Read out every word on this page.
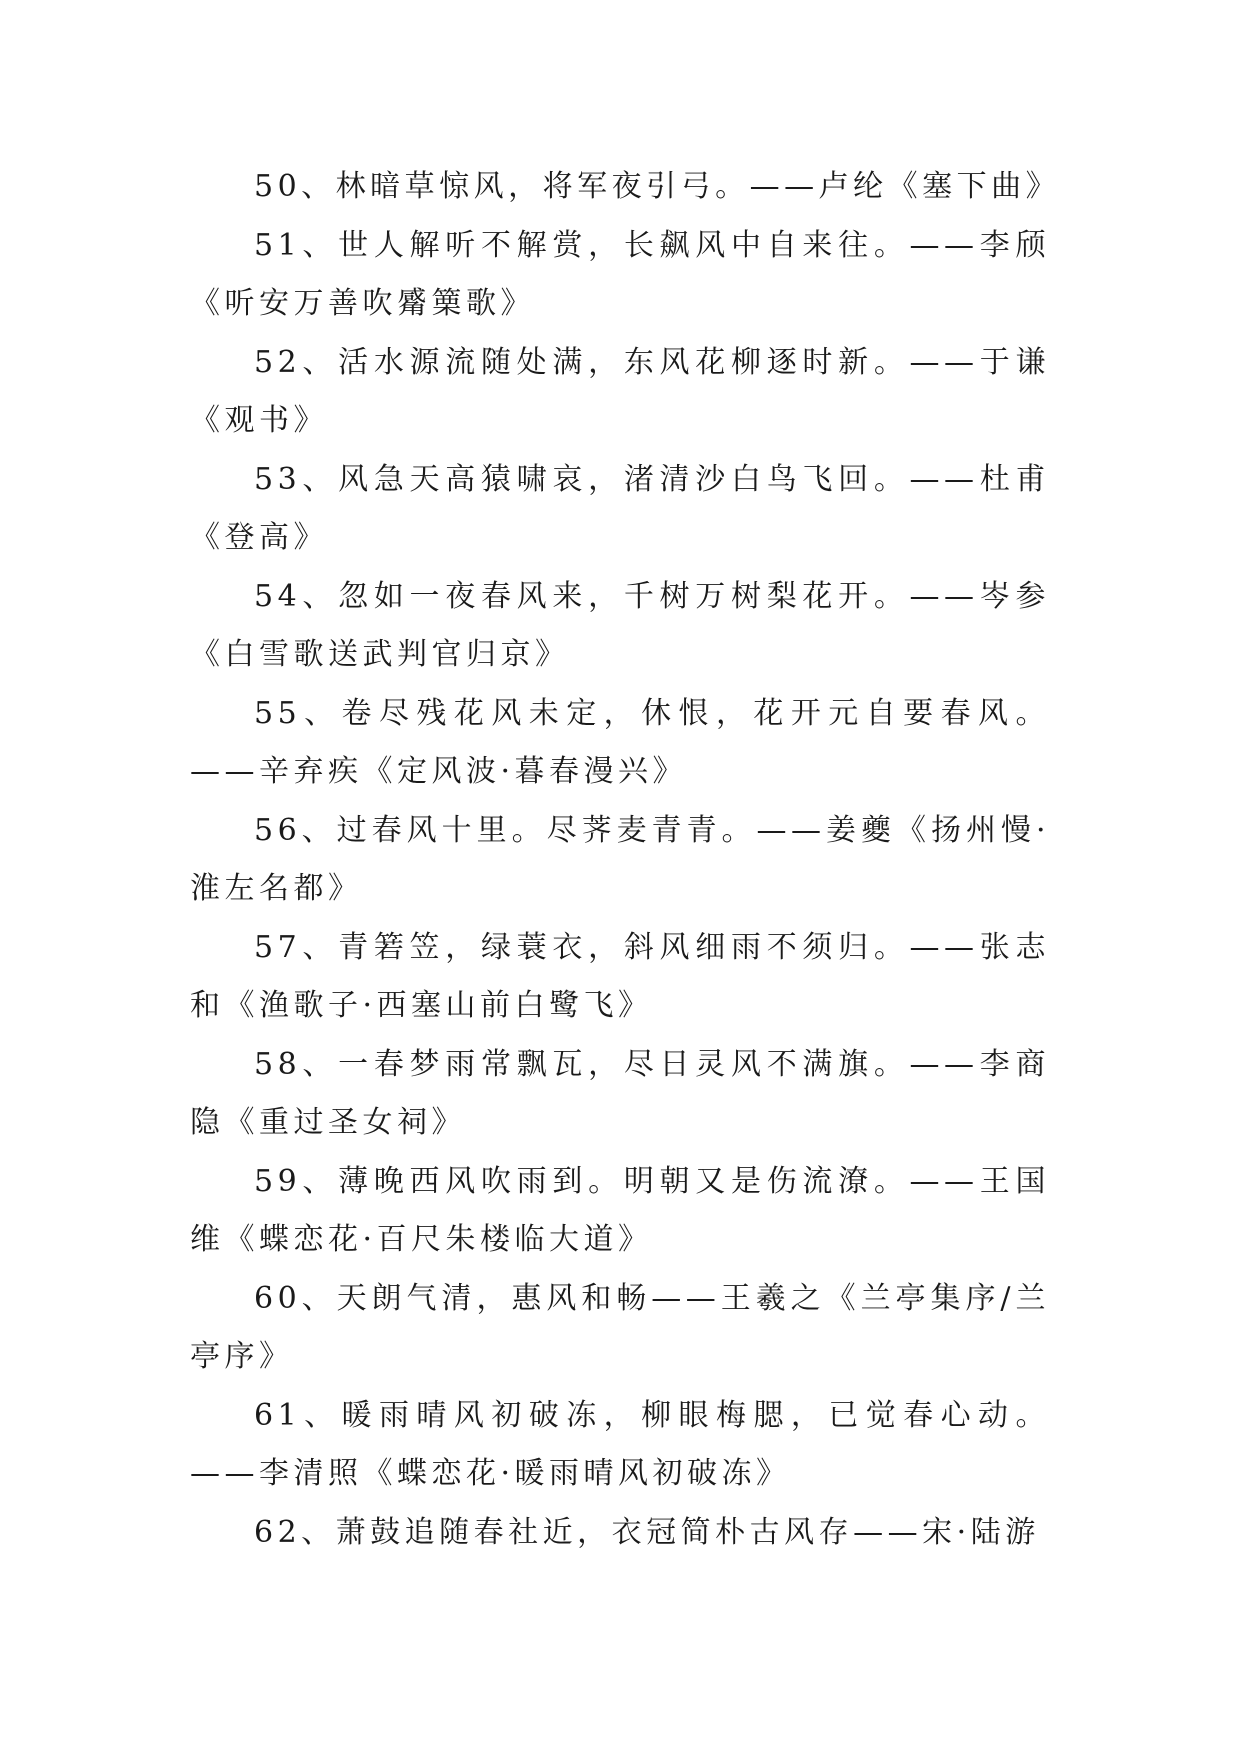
50、林暗草惊风，将军夜引弓。——卢纶《塞下曲》

51、世人解听不解赏，长飙风中自来往。——李颀《听安万善吹觱篥歌》

52、活水源流随处满，东风花柳逐时新。——于谦《观书》

53、风急天高猿啸哀，渚清沙白鸟飞回。——杜甫《登高》

54、忽如一夜春风来，千树万树梨花开。——岑参《白雪歌送武判官归京》

55、卷尽残花风未定，休恨，花开元自要春风。——辛弃疾《定风波·暮春漫兴》

56、过春风十里。尽荠麦青青。——姜夔《扬州慢·淮左名都》

57、青箬笠，绿蓑衣，斜风细雨不须归。——张志和《渔歌子·西塞山前白鹭飞》

58、一春梦雨常飘瓦，尽日灵风不满旗。——李商隐《重过圣女祠》

59、薄晚西风吹雨到。明朝又是伤流潦。——王国维《蝶恋花·百尺朱楼临大道》

60、天朗气清，惠风和畅——王羲之《兰亭集序/兰亭序》

61、暖雨晴风初破冻，柳眼梅腮，已觉春心动。——李清照《蝶恋花·暖雨晴风初破冻》

62、萧鼓追随春社近，衣冠简朴古风存——宋·陆游
